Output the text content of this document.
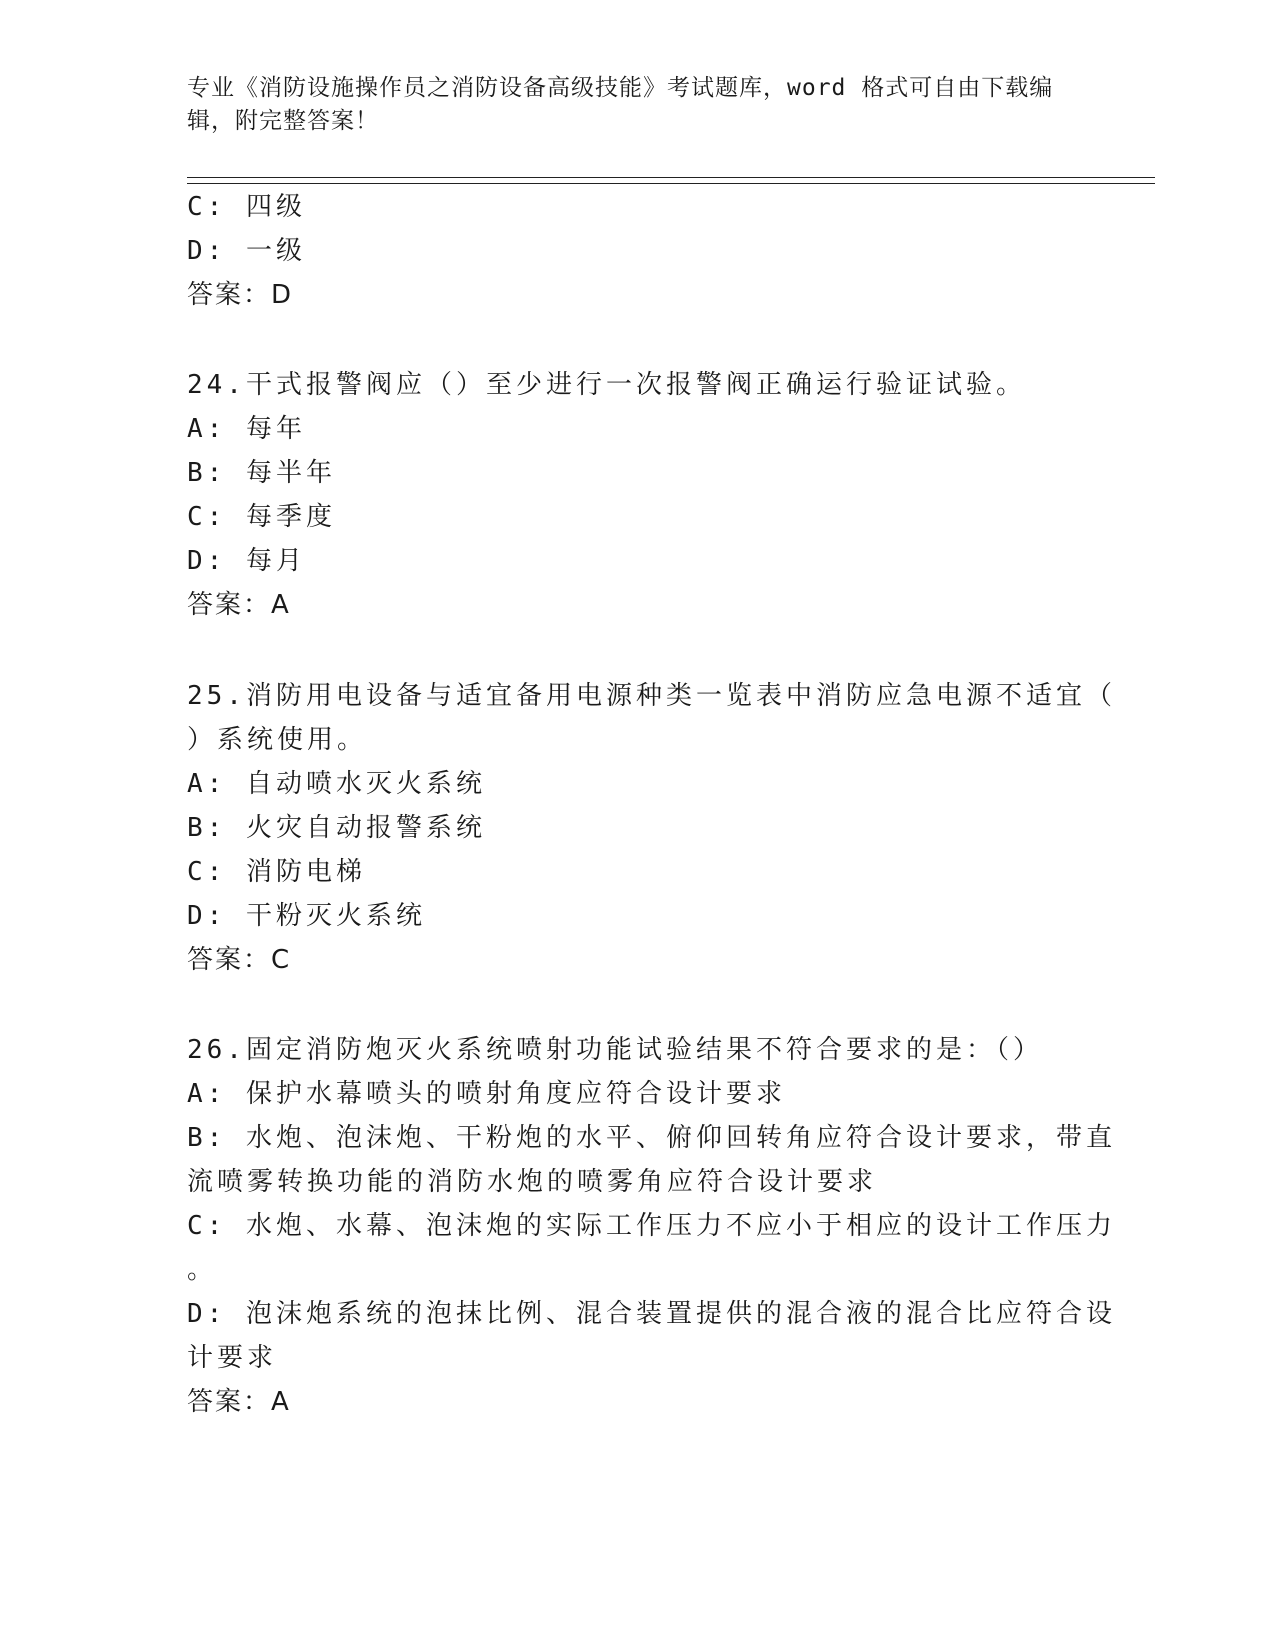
专业《消防设施操作员之消防设备高级技能》考试题库，word 格式可自由下载编辑，附完整答案！
C: 四级
D: 一级
答案：D
24.干式报警阀应（）至少进行一次报警阀正确运行验证试验。
A: 每年
B: 每半年
C: 每季度
D: 每月
答案：A
25.消防用电设备与适宜备用电源种类一览表中消防应急电源不适宜（
）系统使用。
A: 自动喷水灭火系统
B: 火灾自动报警系统
C: 消防电梯
D: 干粉灭火系统
答案：C
26.固定消防炮灭火系统喷射功能试验结果不符合要求的是：（）
A: 保护水幕喷头的喷射角度应符合设计要求
B: 水炮、泡沫炮、干粉炮的水平、俯仰回转角应符合设计要求，带直
流喷雾转换功能的消防水炮的喷雾角应符合设计要求
C: 水炮、水幕、泡沫炮的实际工作压力不应小于相应的设计工作压力
。
D: 泡沫炮系统的泡抹比例、混合装置提供的混合液的混合比应符合设
计要求
答案：A
